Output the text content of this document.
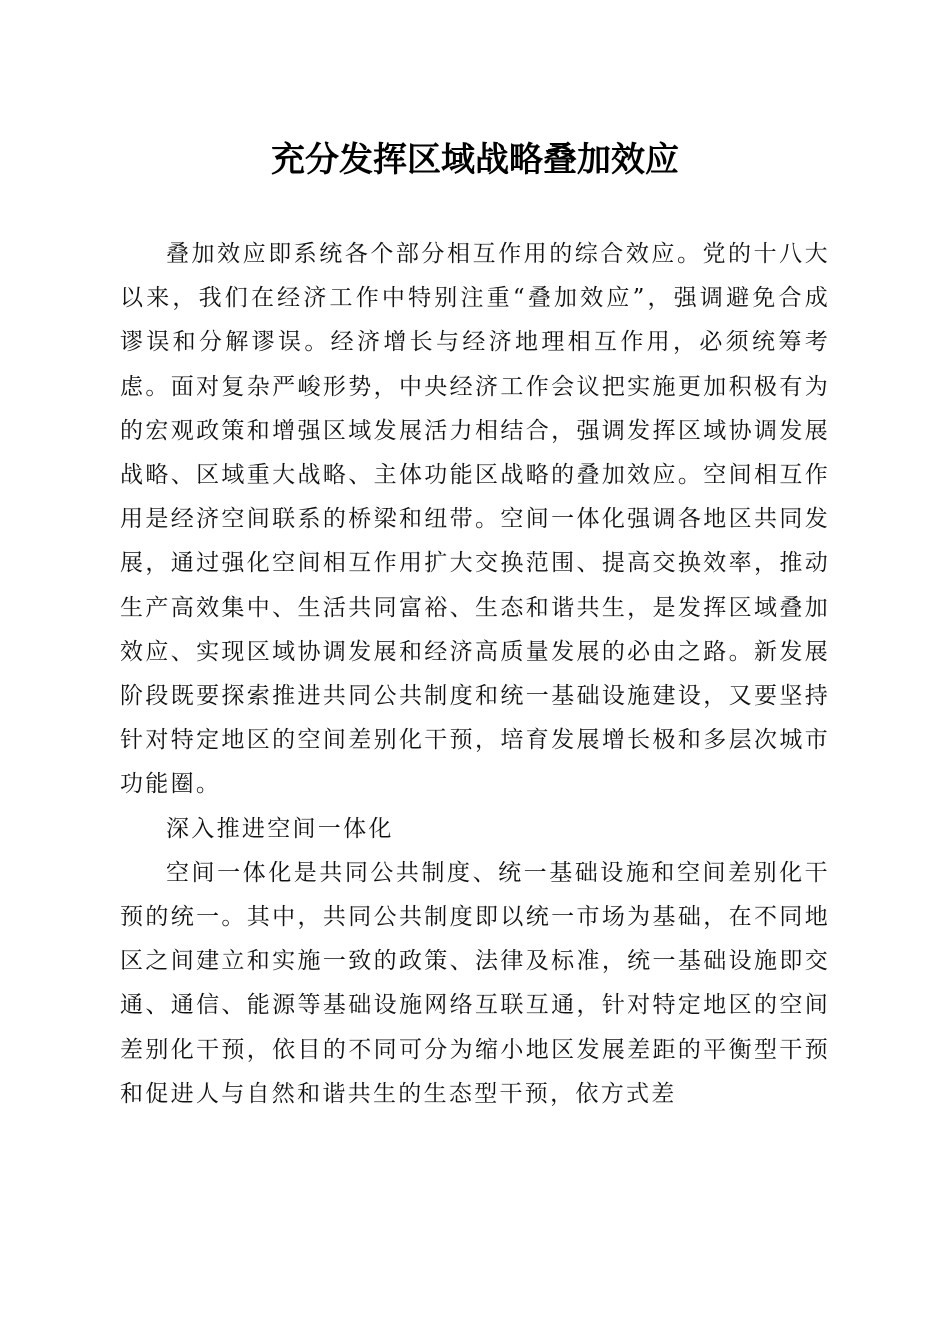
充分发挥区域战略叠加效应

叠加效应即系统各个部分相互作用的综合效应。党的十八大以来，我们在经济工作中特别注重“叠加效应”，强调避免合成谬误和分解谬误。经济增长与经济地理相互作用，必须统筹考虑。面对复杂严峻形势，中央经济工作会议把实施更加积极有为的宏观政策和增强区域发展活力相结合，强调发挥区域协调发展战略、区域重大战略、主体功能区战略的叠加效应。空间相互作用是经济空间联系的桥梁和纽带。空间一体化强调各地区共同发展，通过强化空间相互作用扩大交换范围、提高交换效率，推动生产高效集中、生活共同富裕、生态和谐共生，是发挥区域叠加效应、实现区域协调发展和经济高质量发展的必由之路。新发展阶段既要探索推进共同公共制度和统一基础设施建设，又要坚持针对特定地区的空间差别化干预，培育发展增长极和多层次城市功能圈。

深入推进空间一体化

空间一体化是共同公共制度、统一基础设施和空间差别化干预的统一。其中，共同公共制度即以统一市场为基础，在不同地区之间建立和实施一致的政策、法律及标准，统一基础设施即交通、通信、能源等基础设施网络互联互通，针对特定地区的空间差别化干预，依目的不同可分为缩小地区发展差距的平衡型干预和促进人与自然和谐共生的生态型干预，依方式差
